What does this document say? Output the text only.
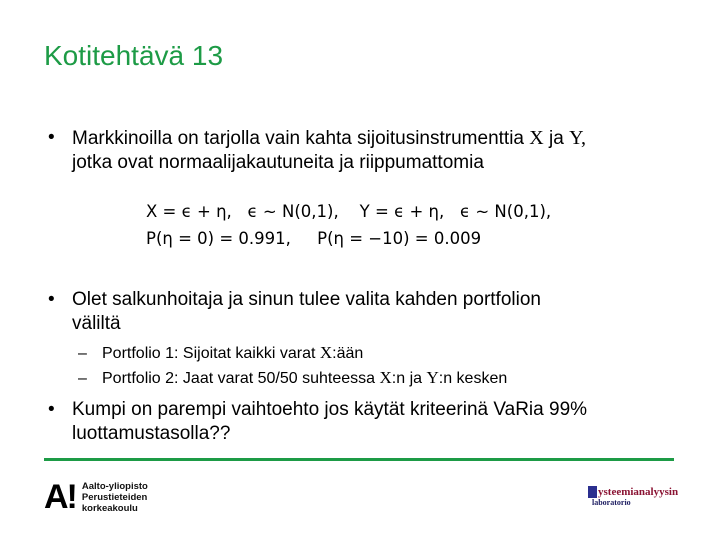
Kotitehtävä 13
• Markkinoilla on tarjolla vain kahta sijoitusinstrumenttia X ja Y,
jotka ovat normaalijakautuneita ja riippumattomia
X = ϵ + η,   ϵ ∼ N(0,1),    Y = ϵ + η,   ϵ ∼ N(0,1),
P(η = 0) = 0.991,     P(η = −10) = 0.009
• Olet salkunhoitaja ja sinun tulee valita kahden portfolion
väliltä
– Portfolio 1: Sijoitat kaikki varat X:ään
– Portfolio 2: Jaat varat 50/50 suhteessa X:n ja Y:n kesken
• Kumpi on parempi vaihtoehto jos käytät kriteerinä VaRia 99%
luottamustasolla??
A! Aalto-yliopisto
Perustieteiden
korkeakoulu
ysteemianalyysin
laboratorio
